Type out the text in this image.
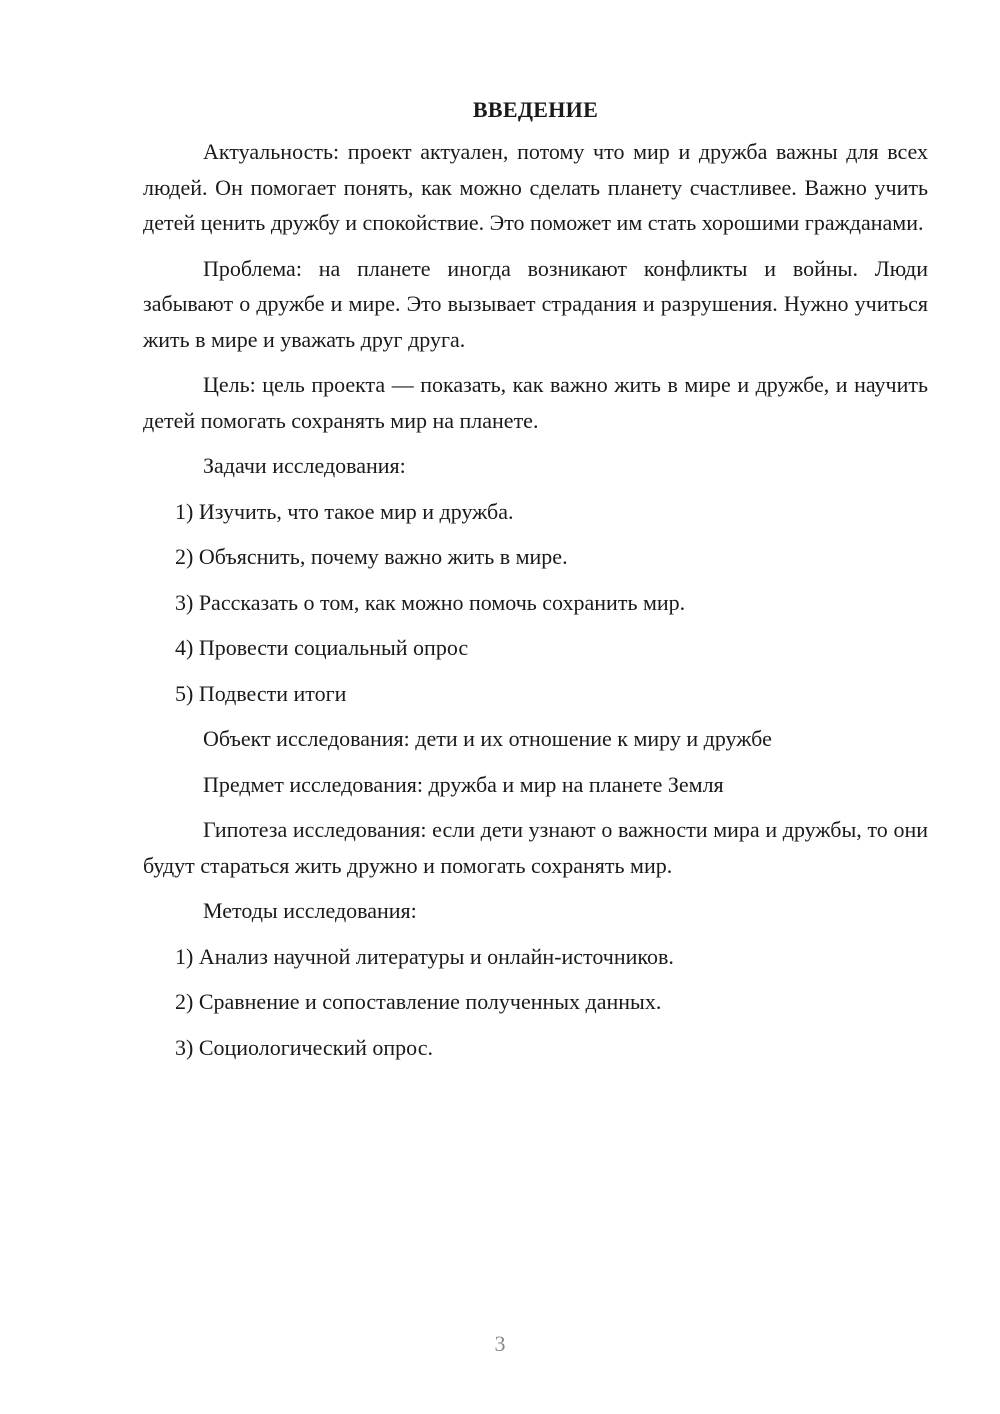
ВВЕДЕНИЕ

Актуальность: проект актуален, потому что мир и дружба важны для всех людей. Он помогает понять, как можно сделать планету счастливее. Важно учить детей ценить дружбу и спокойствие. Это поможет им стать хорошими гражданами.

Проблема: на планете иногда возникают конфликты и войны. Люди забывают о дружбе и мире. Это вызывает страдания и разрушения. Нужно учиться жить в мире и уважать друг друга.

Цель: цель проекта — показать, как важно жить в мире и дружбе, и научить детей помогать сохранять мир на планете.

Задачи исследования:
1) Изучить, что такое мир и дружба.
2) Объяснить, почему важно жить в мире.
3) Рассказать о том, как можно помочь сохранить мир.
4) Провести социальный опрос
5) Подвести итоги
Объект исследования: дети и их отношение к миру и дружбе
Предмет исследования: дружба и мир на планете Земля

Гипотеза исследования: если дети узнают о важности мира и дружбы, то они будут стараться жить дружно и помогать сохранять мир.

Методы исследования:
1) Анализ научной литературы и онлайн-источников.
2) Сравнение и сопоставление полученных данных.
3) Социологический опрос.
3
